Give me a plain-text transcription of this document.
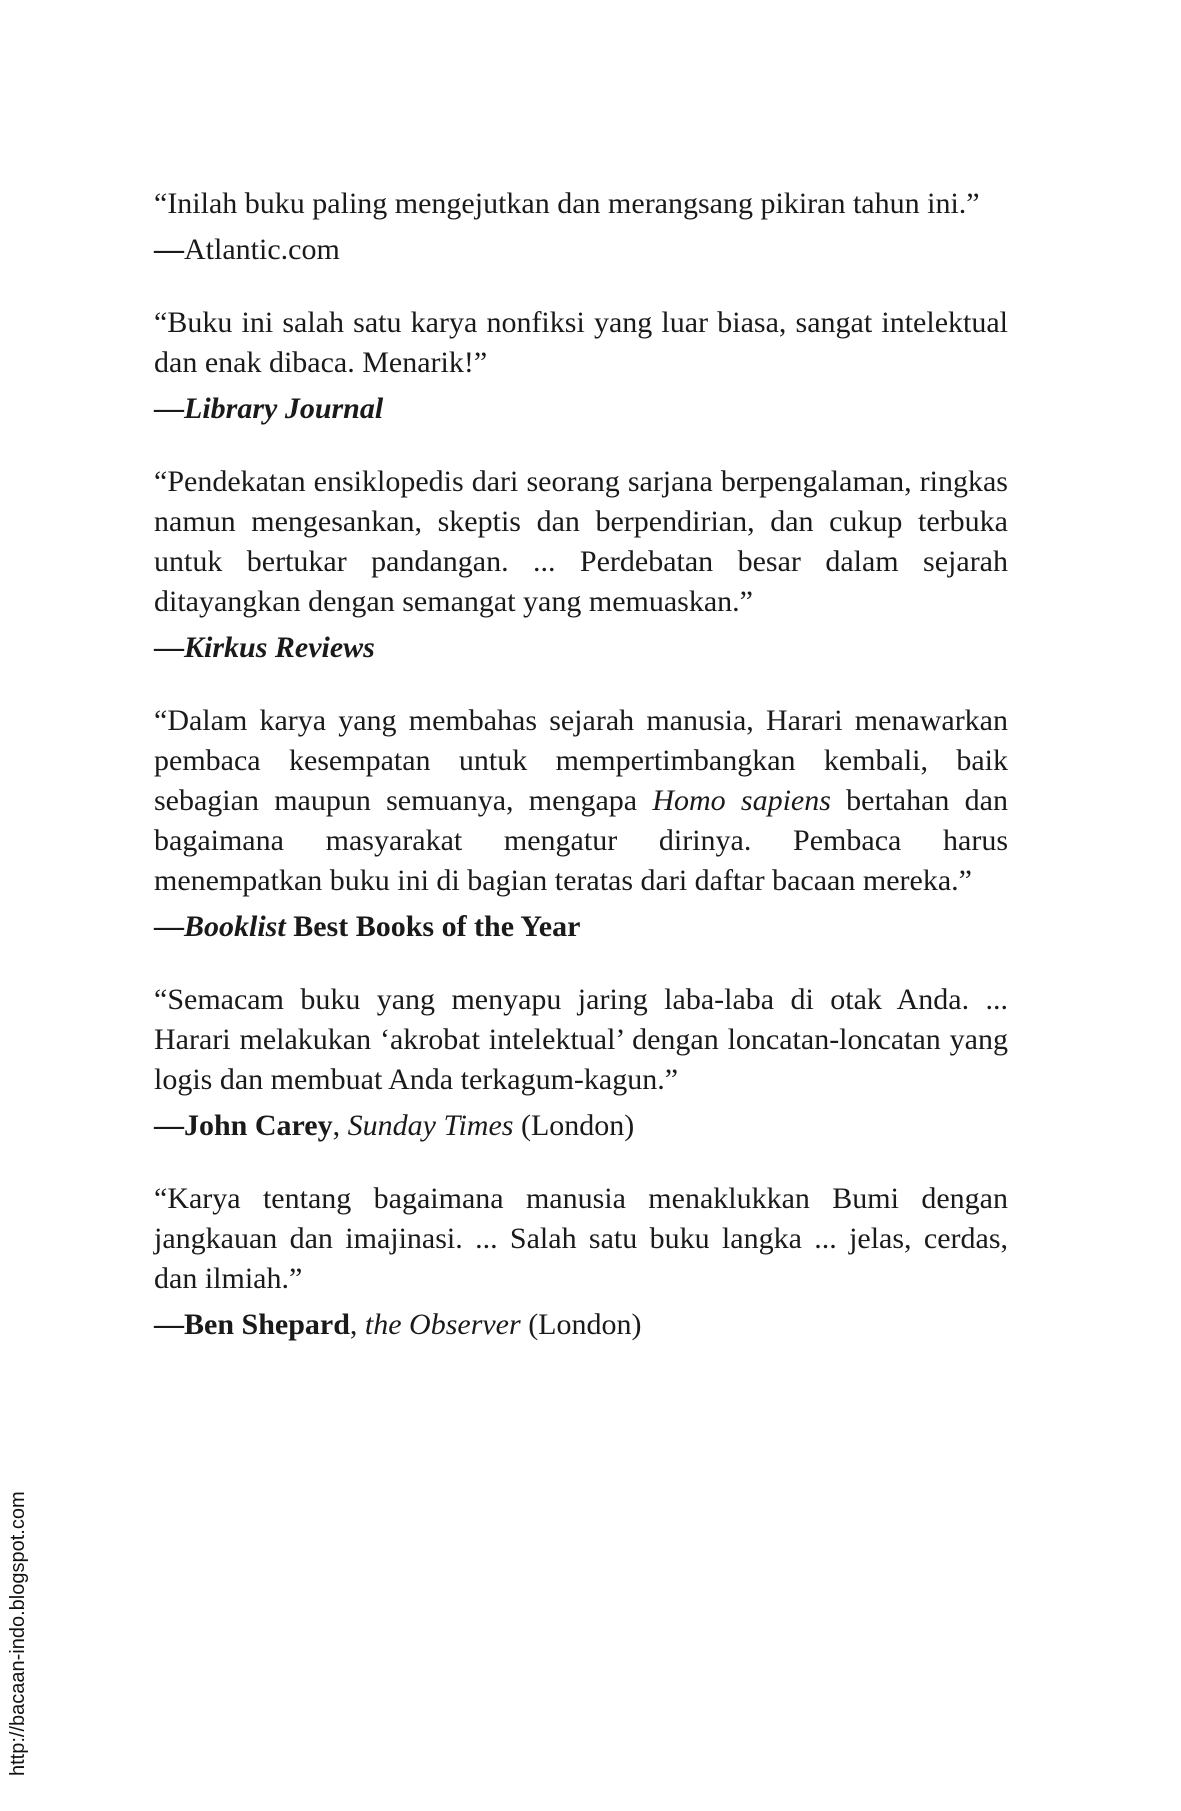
“Inilah buku paling mengejutkan dan merangsang pikiran tahun ini.”

—Atlantic.com

“Buku ini salah satu karya nonfiksi yang luar biasa, sangat intelektual dan enak dibaca. Menarik!”

—Library Journal

“Pendekatan ensiklopedis dari seorang sarjana berpengalaman, ringkas namun mengesankan, skeptis dan berpendirian, dan cukup terbuka untuk bertukar pandangan. ... Perdebatan besar dalam sejarah ditayangkan dengan semangat yang memuaskan.”

—Kirkus Reviews

“Dalam karya yang membahas sejarah manusia, Harari menawarkan pembaca kesempatan untuk mempertimbangkan kembali, baik sebagian maupun semuanya, mengapa Homo sapiens bertahan dan bagaimana masyarakat mengatur dirinya. Pembaca harus menempatkan buku ini di bagian teratas dari daftar bacaan mereka.”

—Booklist Best Books of the Year

“Semacam buku yang menyapu jaring laba-laba di otak Anda. ... Harari melakukan ‘akrobat intelektual’ dengan loncatan-loncatan yang logis dan membuat Anda terkagum-kagun.”

—John Carey, Sunday Times (London)

“Karya tentang bagaimana manusia menaklukkan Bumi dengan jangkauan dan imajinasi. ... Salah satu buku langka ... jelas, cerdas, dan ilmiah.”

—Ben Shepard, the Observer (London)

http://bacaan-indo.blogspot.com
